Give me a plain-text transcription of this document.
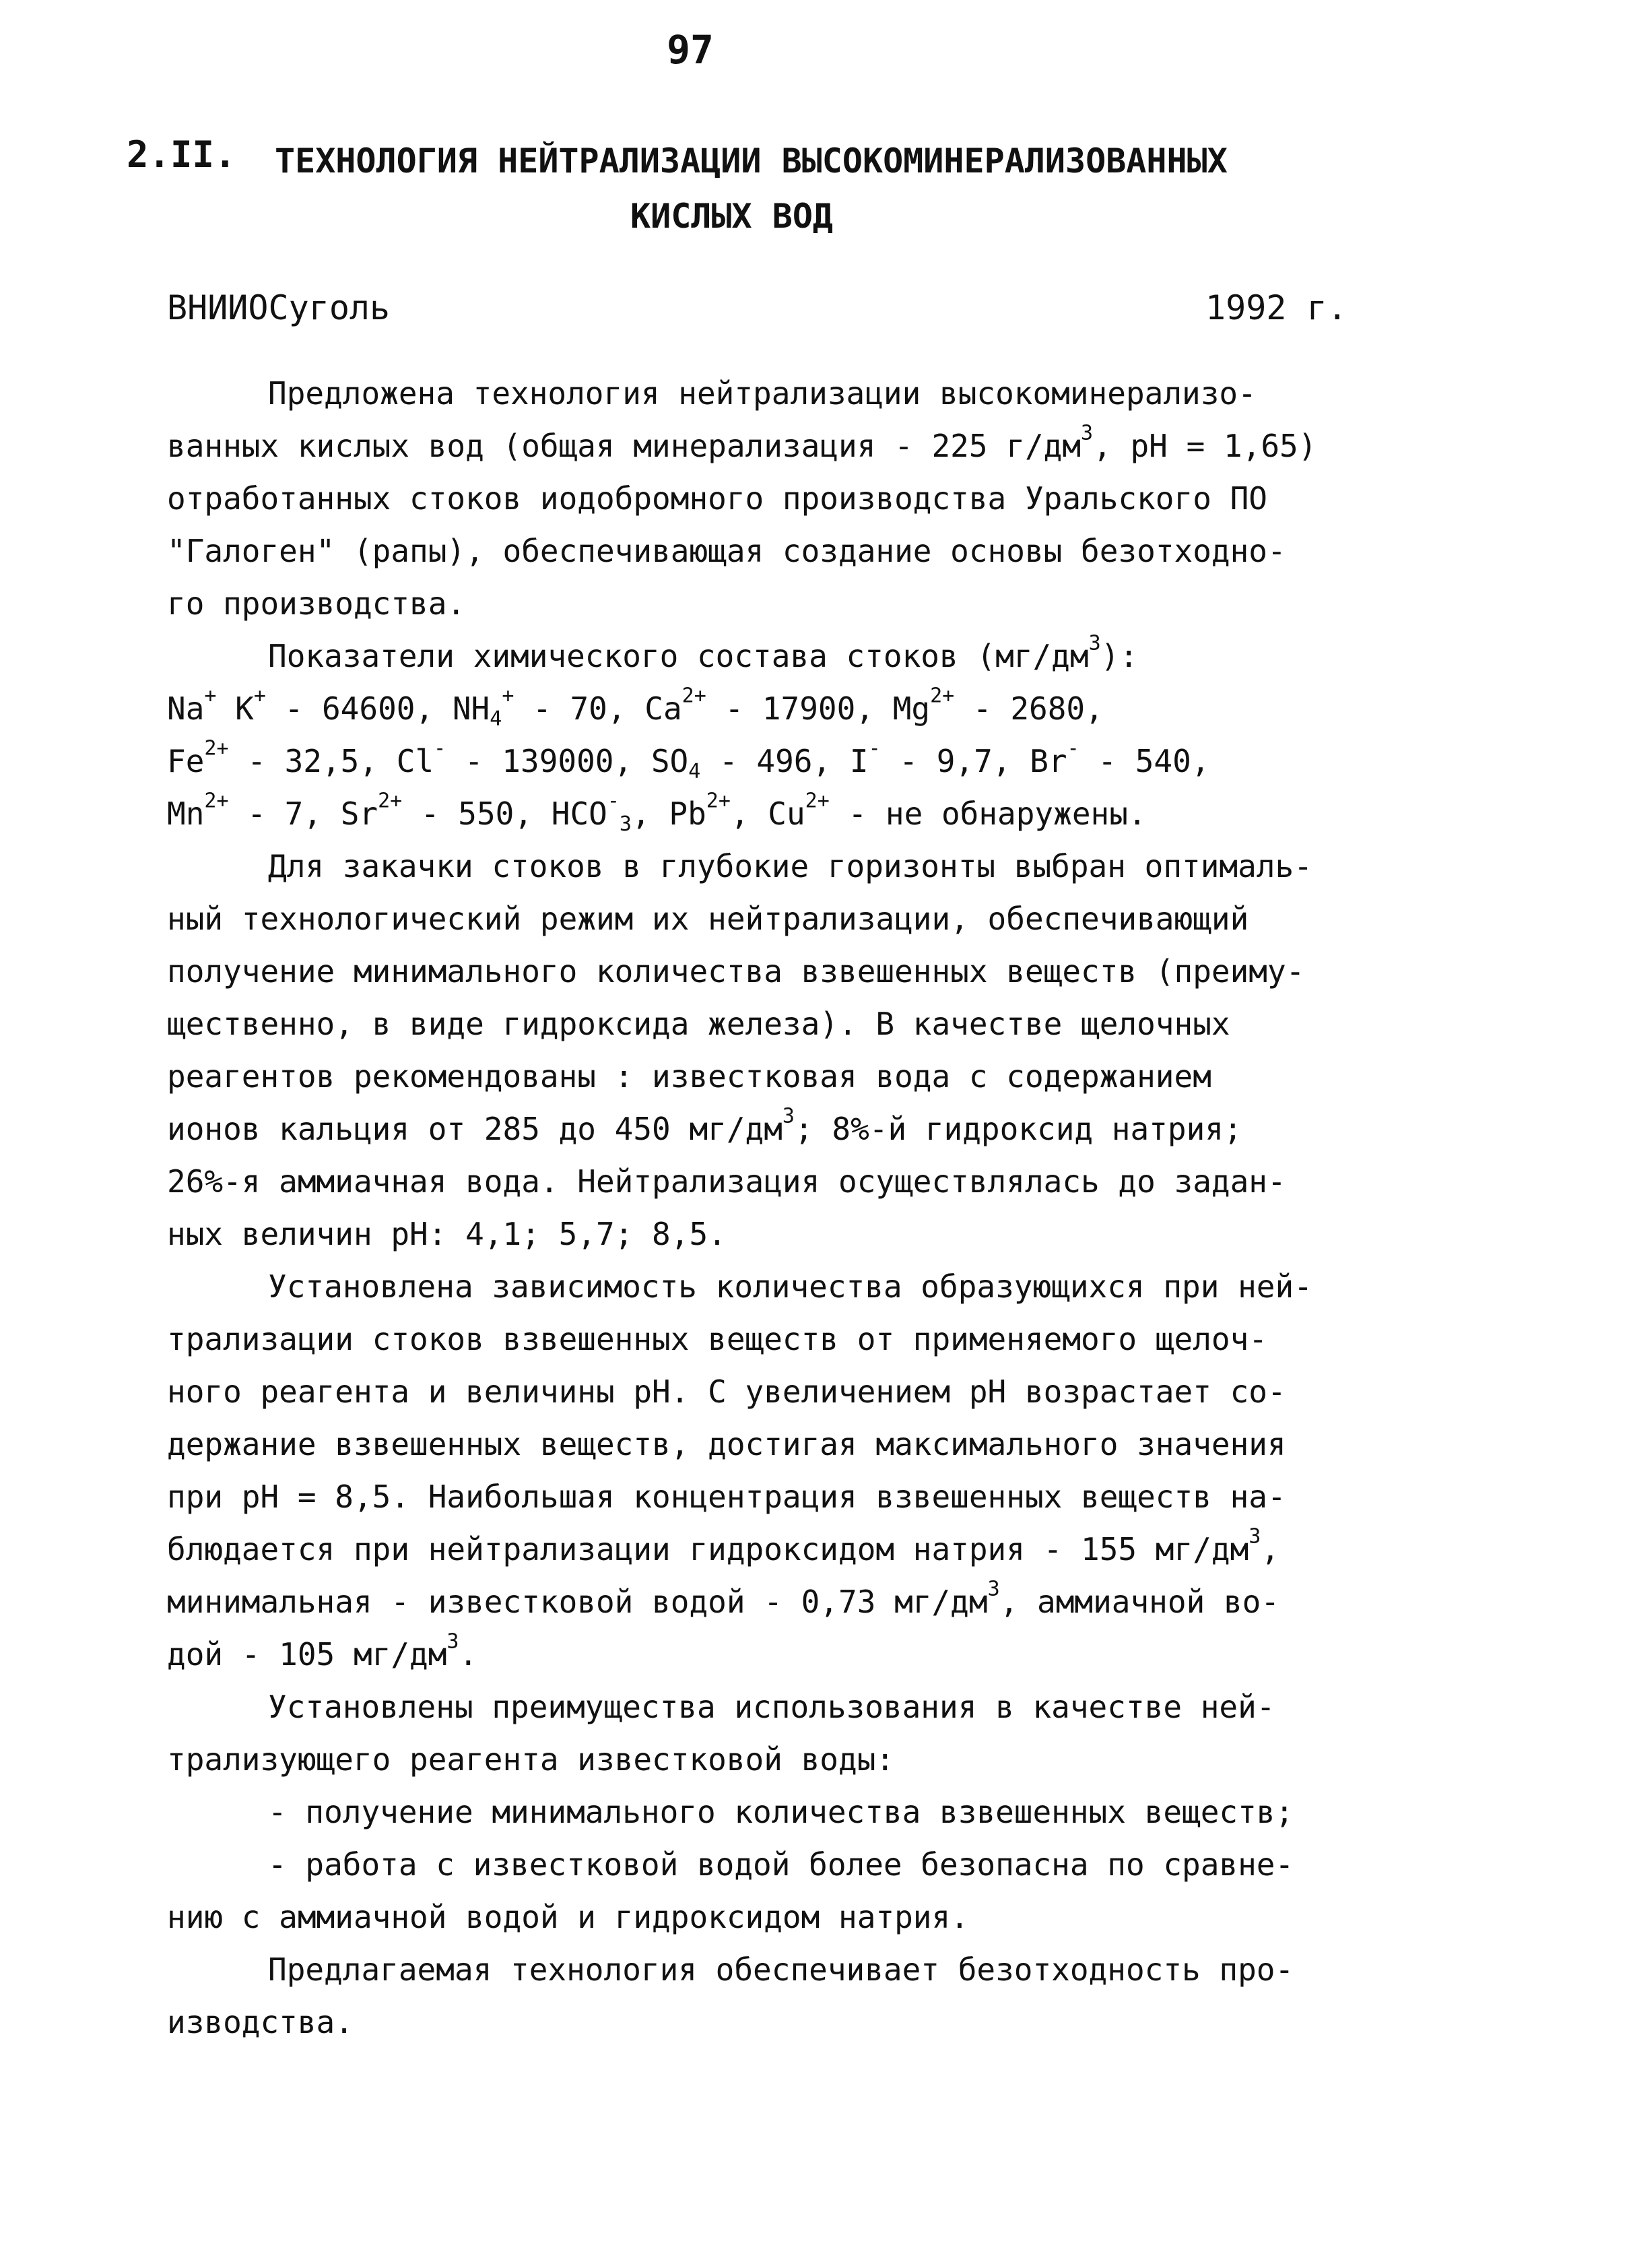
97
2.II. ТЕХНОЛОГИЯ НЕЙТРАЛИЗАЦИИ ВЫСОКОМИНЕРАЛИЗОВАННЫХ
КИСЛЫХ ВОД
ВНИИОСуголь	1992 г.

Предложена технология нейтрализации высокоминерализо-
ванных кислых вод (общая минерализация - 225 $г/дм^3$, рН = 1,65)
отработанных стоков иодобромного производства Уральского ПО
"Галоген" (рапы), обеспечивающая создание основы безотходно-
го производства.

Показатели химического состава стоков $(мг/дм^3)$:

Na+ K+ - 64600, $NH_4^+ - 70$, $Ca^{2+} - 17900$, $Mg^{2+} - 2680$,
$Fe^{2+} - 32,5$, Cl- - 139000, $SO_4 - 496$, I- - 9,7, Br- - 540,
$Mn^{2+} - 7$, $Sr^{2+} - 550$, $HCO^-_3$, $Pb^{2+}$, $Cu^{2+}$ - не обнаружены.

Для закачки стоков в глубокие горизонты выбран оптималь-
ный технологический режим их нейтрализации, обеспечивающий
получение минимального количества взвешенных веществ (преиму-
щественно, в виде гидроксида железа). В качестве щелочных
реагентов рекомендованы : известковая вода с содержанием
ионов кальция от 285 до 450 $мг/дм^3$; 8%-й гидроксид натрия;
26%-я аммиачная вода. Нейтрализация осуществлялась до задан-
ных величин рН: 4,1; 5,7; 8,5.

Установлена зависимость количества образующихся при ней-
трализации стоков взвешенных веществ от применяемого щелоч-
ного реагента и величины рН. С увеличением рН возрастает со-
держание взвешенных веществ, достигая максимального значения
при рН = 8,5. Наибольшая концентрация взвешенных веществ на-
блюдается при нейтрализации гидроксидом натрия - 155 $мг/дм^3$,
минимальная - известковой водой - 0,73 $мг/дм^3$, аммиачной во-
дой - 105 $мг/дм^3$.

Установлены преимущества использования в качестве ней-
трализующего реагента известковой воды:

- получение минимального количества взвешенных веществ;
- работа с известковой водой более безопасна по сравне-
нию с аммиачной водой и гидроксидом натрия.

Предлагаемая технология обеспечивает безотходность про-
изводства.
